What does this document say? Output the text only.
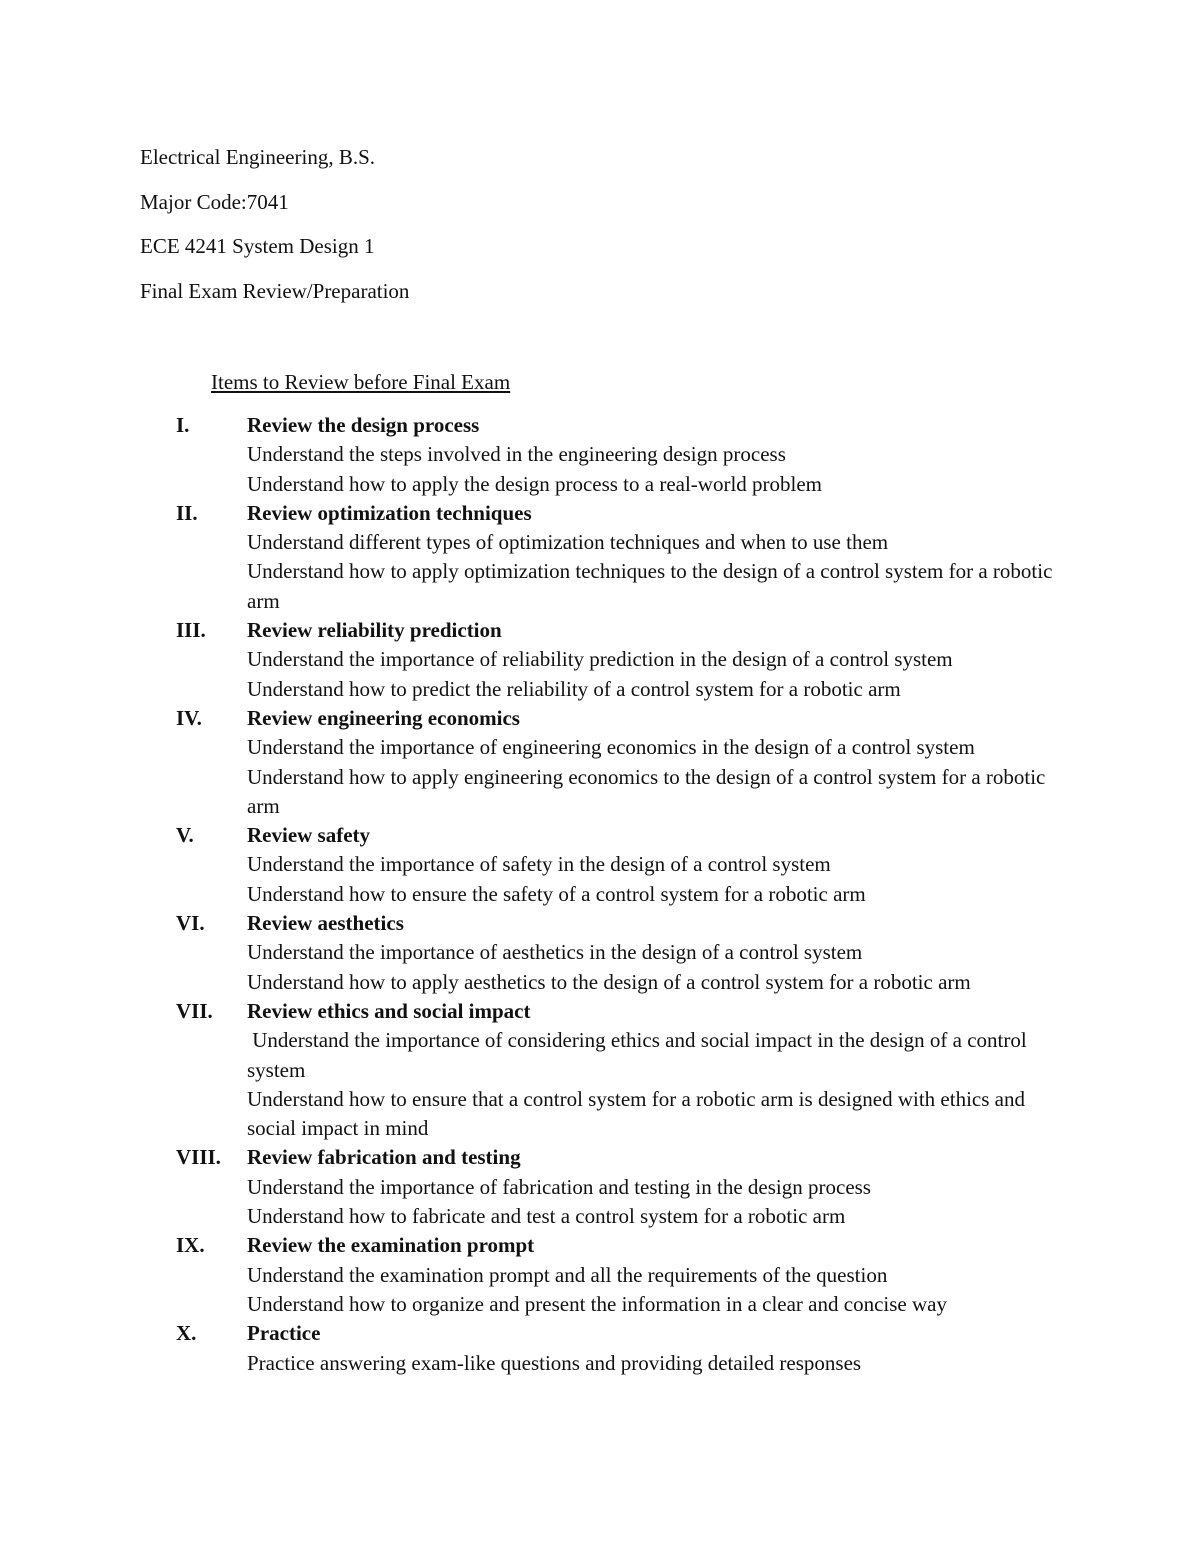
Electrical Engineering, B.S.
Major Code:7041
ECE 4241 System Design 1
Final Exam Review/Preparation
Items to Review before Final Exam
I.	Review the design process
Understand the steps involved in the engineering design process
Understand how to apply the design process to a real-world problem
II.	Review optimization techniques
Understand different types of optimization techniques and when to use them
Understand how to apply optimization techniques to the design of a control system for a robotic arm
III.	Review reliability prediction
Understand the importance of reliability prediction in the design of a control system
Understand how to predict the reliability of a control system for a robotic arm
IV.	Review engineering economics
Understand the importance of engineering economics in the design of a control system
Understand how to apply engineering economics to the design of a control system for a robotic arm
V.	Review safety
Understand the importance of safety in the design of a control system
Understand how to ensure the safety of a control system for a robotic arm
VI.	Review aesthetics
Understand the importance of aesthetics in the design of a control system
Understand how to apply aesthetics to the design of a control system for a robotic arm
VII.	Review ethics and social impact
Understand the importance of considering ethics and social impact in the design of a control system
Understand how to ensure that a control system for a robotic arm is designed with ethics and social impact in mind
VIII.	Review fabrication and testing
Understand the importance of fabrication and testing in the design process
Understand how to fabricate and test a control system for a robotic arm
IX.	Review the examination prompt
Understand the examination prompt and all the requirements of the question
Understand how to organize and present the information in a clear and concise way
X.	Practice
Practice answering exam-like questions and providing detailed responses
